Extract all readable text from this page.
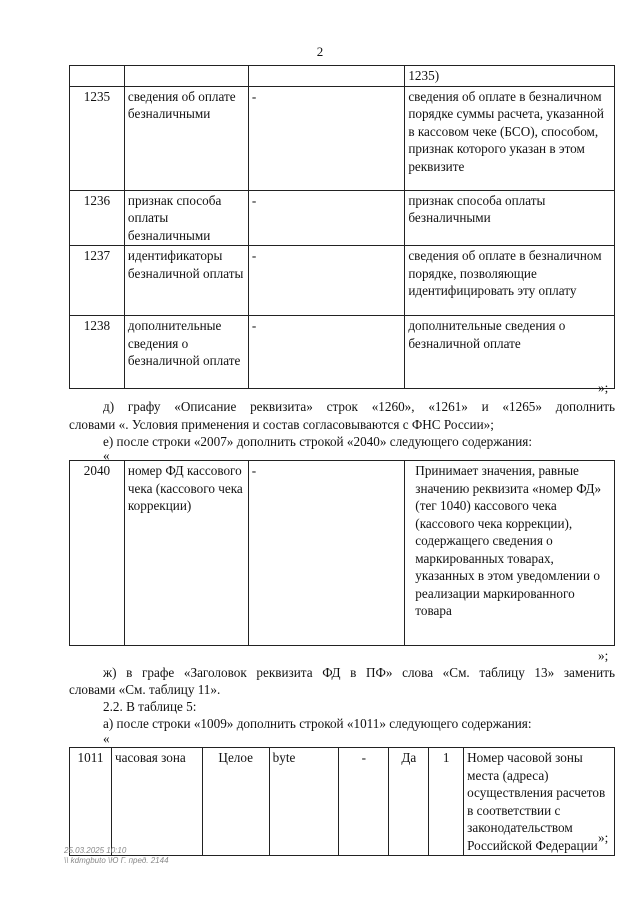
2
			1235)
1235	сведения об оплате безналичными	-	сведения об оплате в безналичном порядке суммы расчета, указанной в кассовом чеке (БСО), способом, признак которого указан в этом реквизите
1236	признак способа оплаты безналичными	-	признак способа оплаты безналичными
1237	идентификаторы безналичной оплаты	-	сведения об оплате в безналичном порядке, позволяющие идентифицировать эту оплату
1238	дополнительные сведения о безналичной оплате	-	дополнительные сведения о безналичной оплате
»;
д) графу «Описание реквизита» строк «1260», «1261» и «1265» дополнить
словами «. Условия применения и состав согласовываются с ФНС России»;
е) после строки «2007» дополнить строкой «2040» следующего содержания:
«
2040	номер ФД кассового чека (кассового чека коррекции)	-	Принимает значения, равные значению реквизита «номер ФД» (тег 1040) кассового чека (кассового чека коррекции), содержащего сведения о маркированных товарах, указанных в этом уведомлении о реализации маркированного товара
»;
ж) в графе «Заголовок реквизита ФД в ПФ» слова «См. таблицу 13» заменить
словами «См. таблицу 11».
2.2. В таблице 5:
а) после строки «1009» дополнить строкой «1011» следующего содержания:
«
1011	часовая зона	Целое	byte	-	Да	1	Номер часовой зоны места (адреса) осуществления расчетов в соответствии с законодательством Российской Федерации »;
25.03.2025 10:10
\\ kdmgbuto \Ю Г. пред. 2144
